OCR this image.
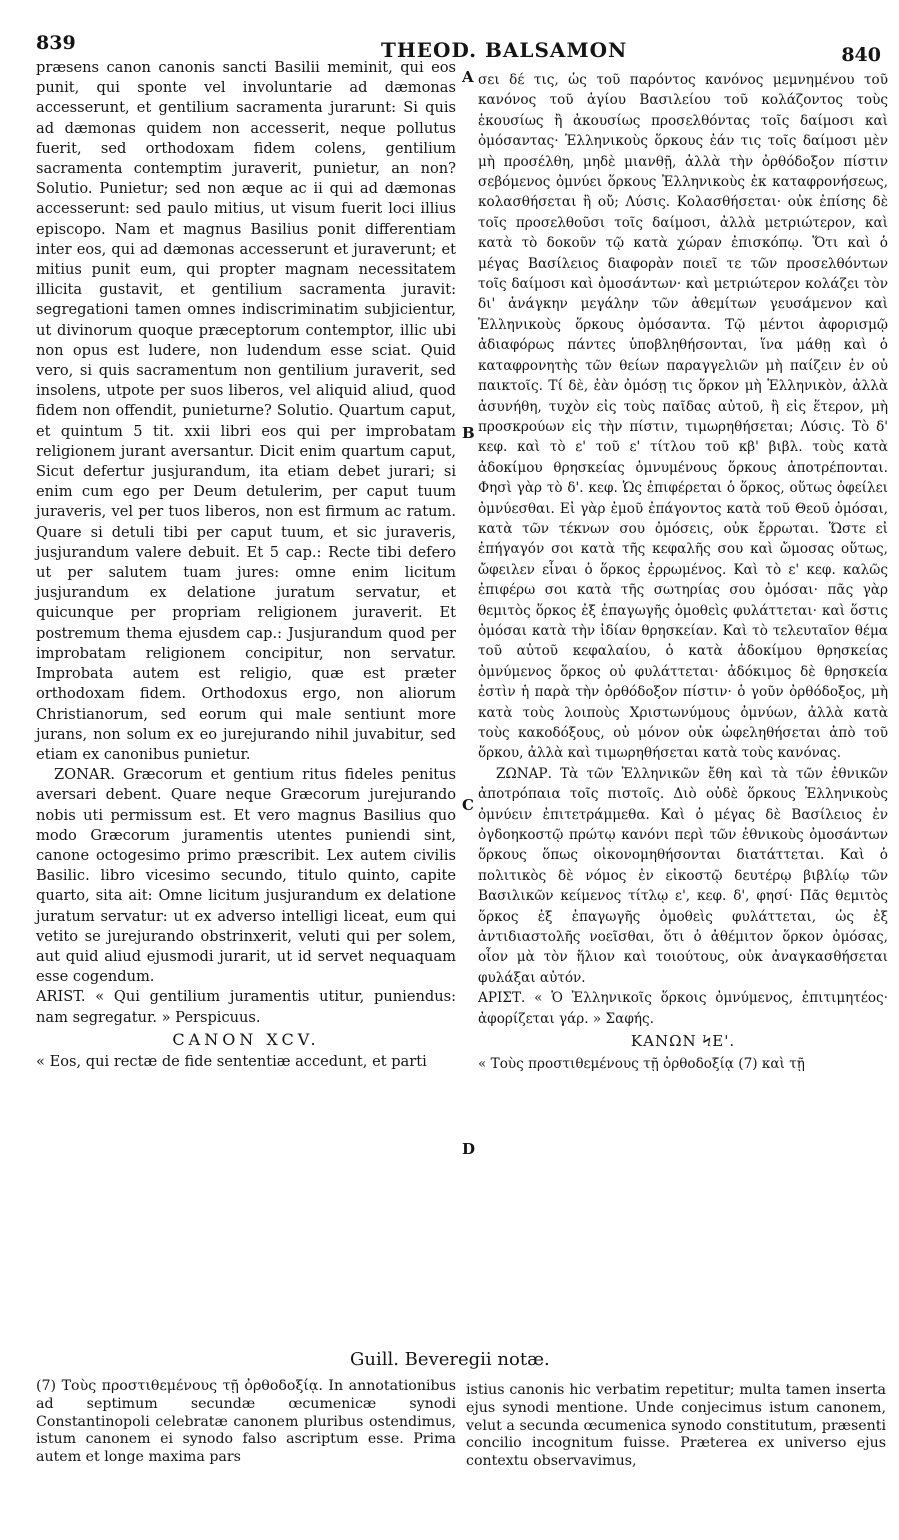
839	THEOD. BALSAMON	840
A
B
C
D

præsens canon canonis sancti Basilii meminit, qui eos punit, qui sponte vel involuntarie ad dæmonas accesserunt, et gentilium sacramenta jurarunt: Si quis ad dæmonas quidem non accesserit, neque pollutus fuerit, sed orthodoxam fidem colens, gentilium sacramenta contemptim juraverit, punietur, an non? Solutio. Punietur; sed non æque ac ii qui ad dæmonas accesserunt: sed paulo mitius, ut visum fuerit loci illius episcopo. Nam et magnus Basilius ponit differentiam inter eos, qui ad dæmonas accesserunt et juraverunt; et mitius punit eum, qui propter magnam necessitatem illicita gustavit, et gentilium sacramenta juravit: segregationi tamen omnes indiscriminatim subjicientur, ut divinorum quoque præceptorum contemptor, illic ubi non opus est ludere, non ludendum esse sciat. Quid vero, si quis sacramentum non gentilium juraverit, sed insolens, utpote per suos liberos, vel aliquid aliud, quod fidem non offendit, punieturne? Solutio. Quartum caput, et quintum 5 tit. xxii libri eos qui per improbatam religionem jurant aversantur. Dicit enim quartum caput, Sicut defertur jusjurandum, ita etiam debet jurari; si enim cum ego per Deum detulerim, per caput tuum juraveris, vel per tuos liberos, non est firmum ac ratum. Quare si detuli tibi per caput tuum, et sic juraveris, jusjurandum valere debuit. Et 5 cap.: Recte tibi defero ut per salutem tuam jures: omne enim licitum jusjurandum ex delatione juratum servatur, et quicunque per propriam religionem juraverit. Et postremum thema ejusdem cap.: Jusjurandum quod per improbatam religionem concipitur, non servatur. Improbata autem est religio, quæ est præter orthodoxam fidem. Orthodoxus ergo, non aliorum Christianorum, sed eorum qui male sentiunt more jurans, non solum ex eo jurejurando nihil juvabitur, sed etiam ex canonibus punietur.

ZONAR. Græcorum et gentium ritus fideles penitus aversari debent. Quare neque Græcorum jurejurando nobis uti permissum est. Et vero magnus Basilius quo modo Græcorum juramentis utentes puniendi sint, canone octogesimo primo præscribit. Lex autem civilis Basilic. libro vicesimo secundo, titulo quinto, capite quarto, sita ait: Omne licitum jusjurandum ex delatione juratum servatur: ut ex adverso intelligi liceat, eum qui vetito se jurejurando obstrinxerit, veluti qui per solem, aut quid aliud ejusmodi jurarit, ut id servet nequaquam esse cogendum.

ARIST. « Qui gentilium juramentis utitur, puniendus: nam segregatur. » Perspicuus.

CANON XCV.

« Eos, qui rectæ de fide sententiæ accedunt, et parti

σει δέ τις, ὡς τοῦ παρόντος κανόνος μεμνημένου τοῦ κανόνος τοῦ ἁγίου Βασιλείου τοῦ κολάζοντος τοὺς ἑκουσίως ἢ ἀκουσίως προσελθόντας τοῖς δαίμοσι καὶ ὀμόσαντας· Ἑλληνικοὺς ὅρκους ἐάν τις τοῖς δαίμοσι μὲν μὴ προσέλθη, μηδὲ μιανθῇ, ἀλλὰ τὴν ὀρθόδοξον πίστιν σεβόμενος ὀμνύει ὅρκους Ἑλληνικοὺς ἐκ καταφρονήσεως, κολασθήσεται ἢ οὔ; Λύσις. Κολασθήσεται· οὐκ ἐπίσης δὲ τοῖς προσελθοῦσι τοῖς δαίμοσι, ἀλλὰ μετριώτερον, καὶ κατὰ τὸ δοκοῦν τῷ κατὰ χώραν ἐπισκόπῳ. Ὅτι καὶ ὁ μέγας Βασίλειος διαφορὰν ποιεῖ τε τῶν προσελθόντων τοῖς δαίμοσι καὶ ὀμοσάντων· καὶ μετριώτερον κολάζει τὸν δι' ἀνάγκην μεγάλην τῶν ἀθεμίτων γευσάμενον καὶ Ἑλληνικοὺς ὅρκους ὀμόσαντα. Τῷ μέντοι ἀφορισμῷ ἀδιαφόρως πάντες ὑποβληθήσονται, ἵνα μάθῃ καὶ ὁ καταφρονητὴς τῶν θείων παραγγελιῶν μὴ παίζειν ἐν οὐ παικτοῖς. Τί δὲ, ἐὰν ὀμόσῃ τις ὅρκον μὴ Ἑλληνικὸν, ἀλλὰ ἀσυνήθη, τυχὸν εἰς τοὺς παῖδας αὐτοῦ, ἢ εἰς ἕτερον, μὴ προσκρούων εἰς τὴν πίστιν, τιμωρηθήσεται; Λύσις. Τὸ δ' κεφ. καὶ τὸ ε' τοῦ ε' τίτλου τοῦ κβ' βιβλ. τοὺς κατὰ ἀδοκίμου θρησκείας ὀμνυμένους ὅρκους ἀποτρέπονται. Φησὶ γὰρ τὸ δ'. κεφ. Ὡς ἐπιφέρεται ὁ ὅρκος, οὕτως ὀφείλει ὀμνύεσθαι. Εἰ γὰρ ἐμοῦ ἐπάγοντος κατὰ τοῦ Θεοῦ ὀμόσαι, κατὰ τῶν τέκνων σου ὀμόσεις, οὐκ ἔρρωται. Ὥστε εἰ ἐπήγαγόν σοι κατὰ τῆς κεφαλῆς σου καὶ ὤμοσας οὕτως, ὤφειλεν εἶναι ὁ ὅρκος ἐρρωμένος. Καὶ τὸ ε' κεφ. καλῶς ἐπιφέρω σοι κατὰ τῆς σωτηρίας σου ὀμόσαι· πᾶς γὰρ θεμιτὸς ὅρκος ἐξ ἐπαγωγῆς ὀμοθεὶς φυλάττεται· καὶ ὅστις ὀμόσαι κατὰ τὴν ἰδίαν θρησκείαν. Καὶ τὸ τελευταῖον θέμα τοῦ αὐτοῦ κεφαλαίου, ὁ κατὰ ἀδοκίμου θρησκείας ὀμνύμενος ὅρκος οὐ φυλάττεται· ἀδόκιμος δὲ θρησκεία ἐστὶν ἡ παρὰ τὴν ὀρθόδοξον πίστιν· ὁ γοῦν ὀρθόδοξος, μὴ κατὰ τοὺς λοιποὺς Χριστωνύμους ὀμνύων, ἀλλὰ κατὰ τοὺς κακοδόξους, οὐ μόνον οὐκ ὠφεληθήσεται ἀπὸ τοῦ ὅρκου, ἀλλὰ καὶ τιμωρηθήσεται κατὰ τοὺς κανόνας.

ΖΩΝΑΡ. Τὰ τῶν Ἑλληνικῶν ἔθη καὶ τὰ τῶν ἐθνικῶν ἀποτρόπαια τοῖς πιστοῖς. Διὸ οὐδὲ ὅρκους Ἑλληνικοὺς ὀμνύειν ἐπιτετράμμεθα. Καὶ ὁ μέγας δὲ Βασίλειος ἐν ὀγδοηκοστῷ πρώτῳ κανόνι περὶ τῶν ἐθνικοὺς ὀμοσάντων ὅρκους ὅπως οἰκονομηθήσονται διατάττεται. Καὶ ὁ πολιτικὸς δὲ νόμος ἐν εἰκοστῷ δευτέρῳ βιβλίῳ τῶν Βασιλικῶν κείμενος τίτλῳ ε', κεφ. δ', φησί· Πᾶς θεμιτὸς ὅρκος ἐξ ἐπαγωγῆς ὀμοθεὶς φυλάττεται, ὡς ἐξ ἀντιδιαστολῆς νοεῖσθαι, ὅτι ὁ ἀθέμιτον ὅρκον ὀμόσας, οἷον μὰ τὸν ἥλιον καὶ τοιούτους, οὐκ ἀναγκασθήσεται φυλάξαι αὐτόν.

ΑΡΙΣΤ. « Ὁ Ἑλληνικοῖς ὅρκοις ὀμνύμενος, ἐπιτιμητέος· ἀφορίζεται γάρ. » Σαφής.

ΚΑΝΩΝ ϞΕ'.

« Τοὺς προστιθεμένους τῇ ὀρθοδοξίᾳ (7) καὶ τῇ

Guill. Beveregii notæ.

(7) Τοὺς προστιθεμένους τῇ ὀρθοδοξίᾳ. In annotationibus ad septimum secundæ œcumenicæ synodi Constantinopoli celebratæ canonem pluribus ostendimus, istum canonem ei synodo falso ascriptum esse. Prima autem et longe maxima pars

istius canonis hic verbatim repetitur; multa tamen inserta ejus synodi mentione. Unde conjecimus istum canonem, velut a secunda œcumenica synodo constitutum, præsenti concilio incognitum fuisse. Præterea ex universo ejus contextu observavimus,
